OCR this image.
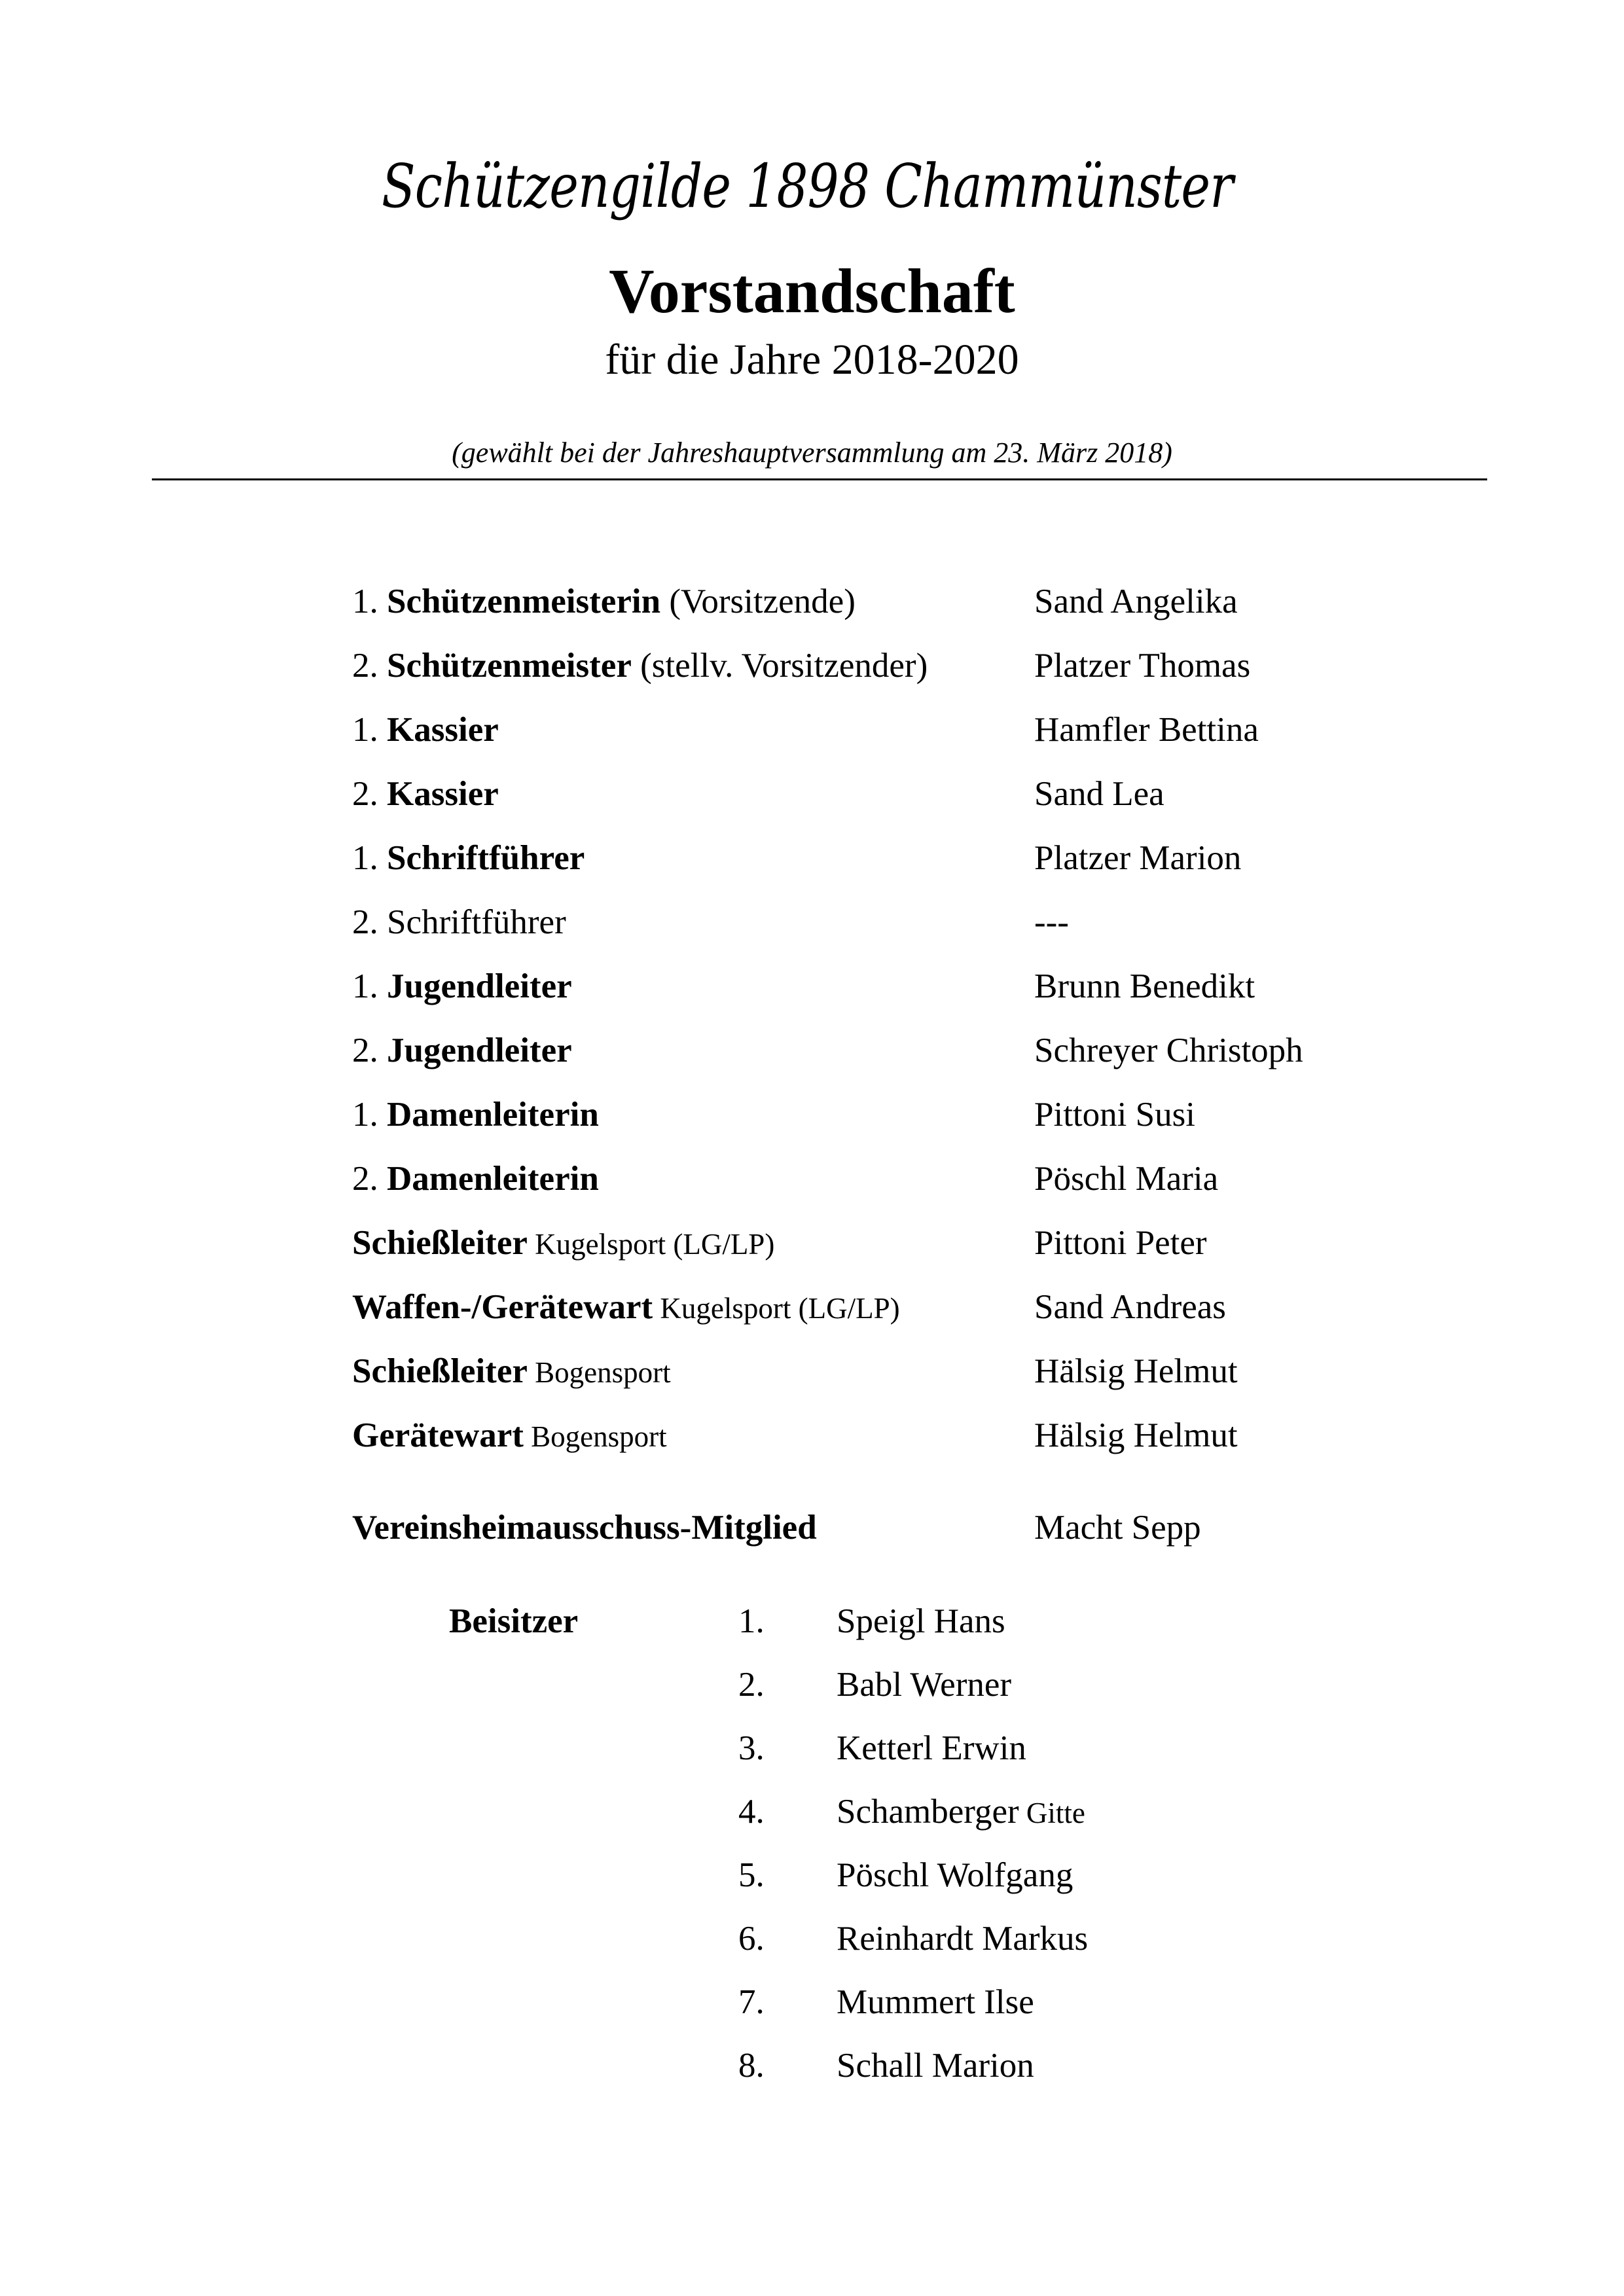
Schützengilde 1898 Chammünster
Vorstandschaft
für die Jahre 2018-2020
(gewählt bei der Jahreshauptversammlung am 23. März 2018)
1. Schützenmeisterin (Vorsitzende)	Sand Angelika
2. Schützenmeister (stellv. Vorsitzender)	Platzer Thomas
1. Kassier	Hamfler Bettina
2. Kassier	Sand Lea
1. Schriftführer	Platzer Marion
2. Schriftführer	---
1. Jugendleiter	Brunn Benedikt
2. Jugendleiter	Schreyer Christoph
1. Damenleiterin	Pittoni Susi
2. Damenleiterin	Pöschl Maria
Schießleiter Kugelsport (LG/LP)	Pittoni Peter
Waffen-/Gerätewart Kugelsport (LG/LP)	Sand Andreas
Schießleiter Bogensport	Hälsig Helmut
Gerätewart Bogensport	Hälsig Helmut
Vereinsheimausschuss-Mitglied	Macht Sepp
Beisitzer	1. Speigl Hans
2. Babl Werner
3. Ketterl Erwin
4. Schamberger Gitte
5. Pöschl Wolfgang
6. Reinhardt Markus
7. Mummert Ilse
8. Schall Marion
